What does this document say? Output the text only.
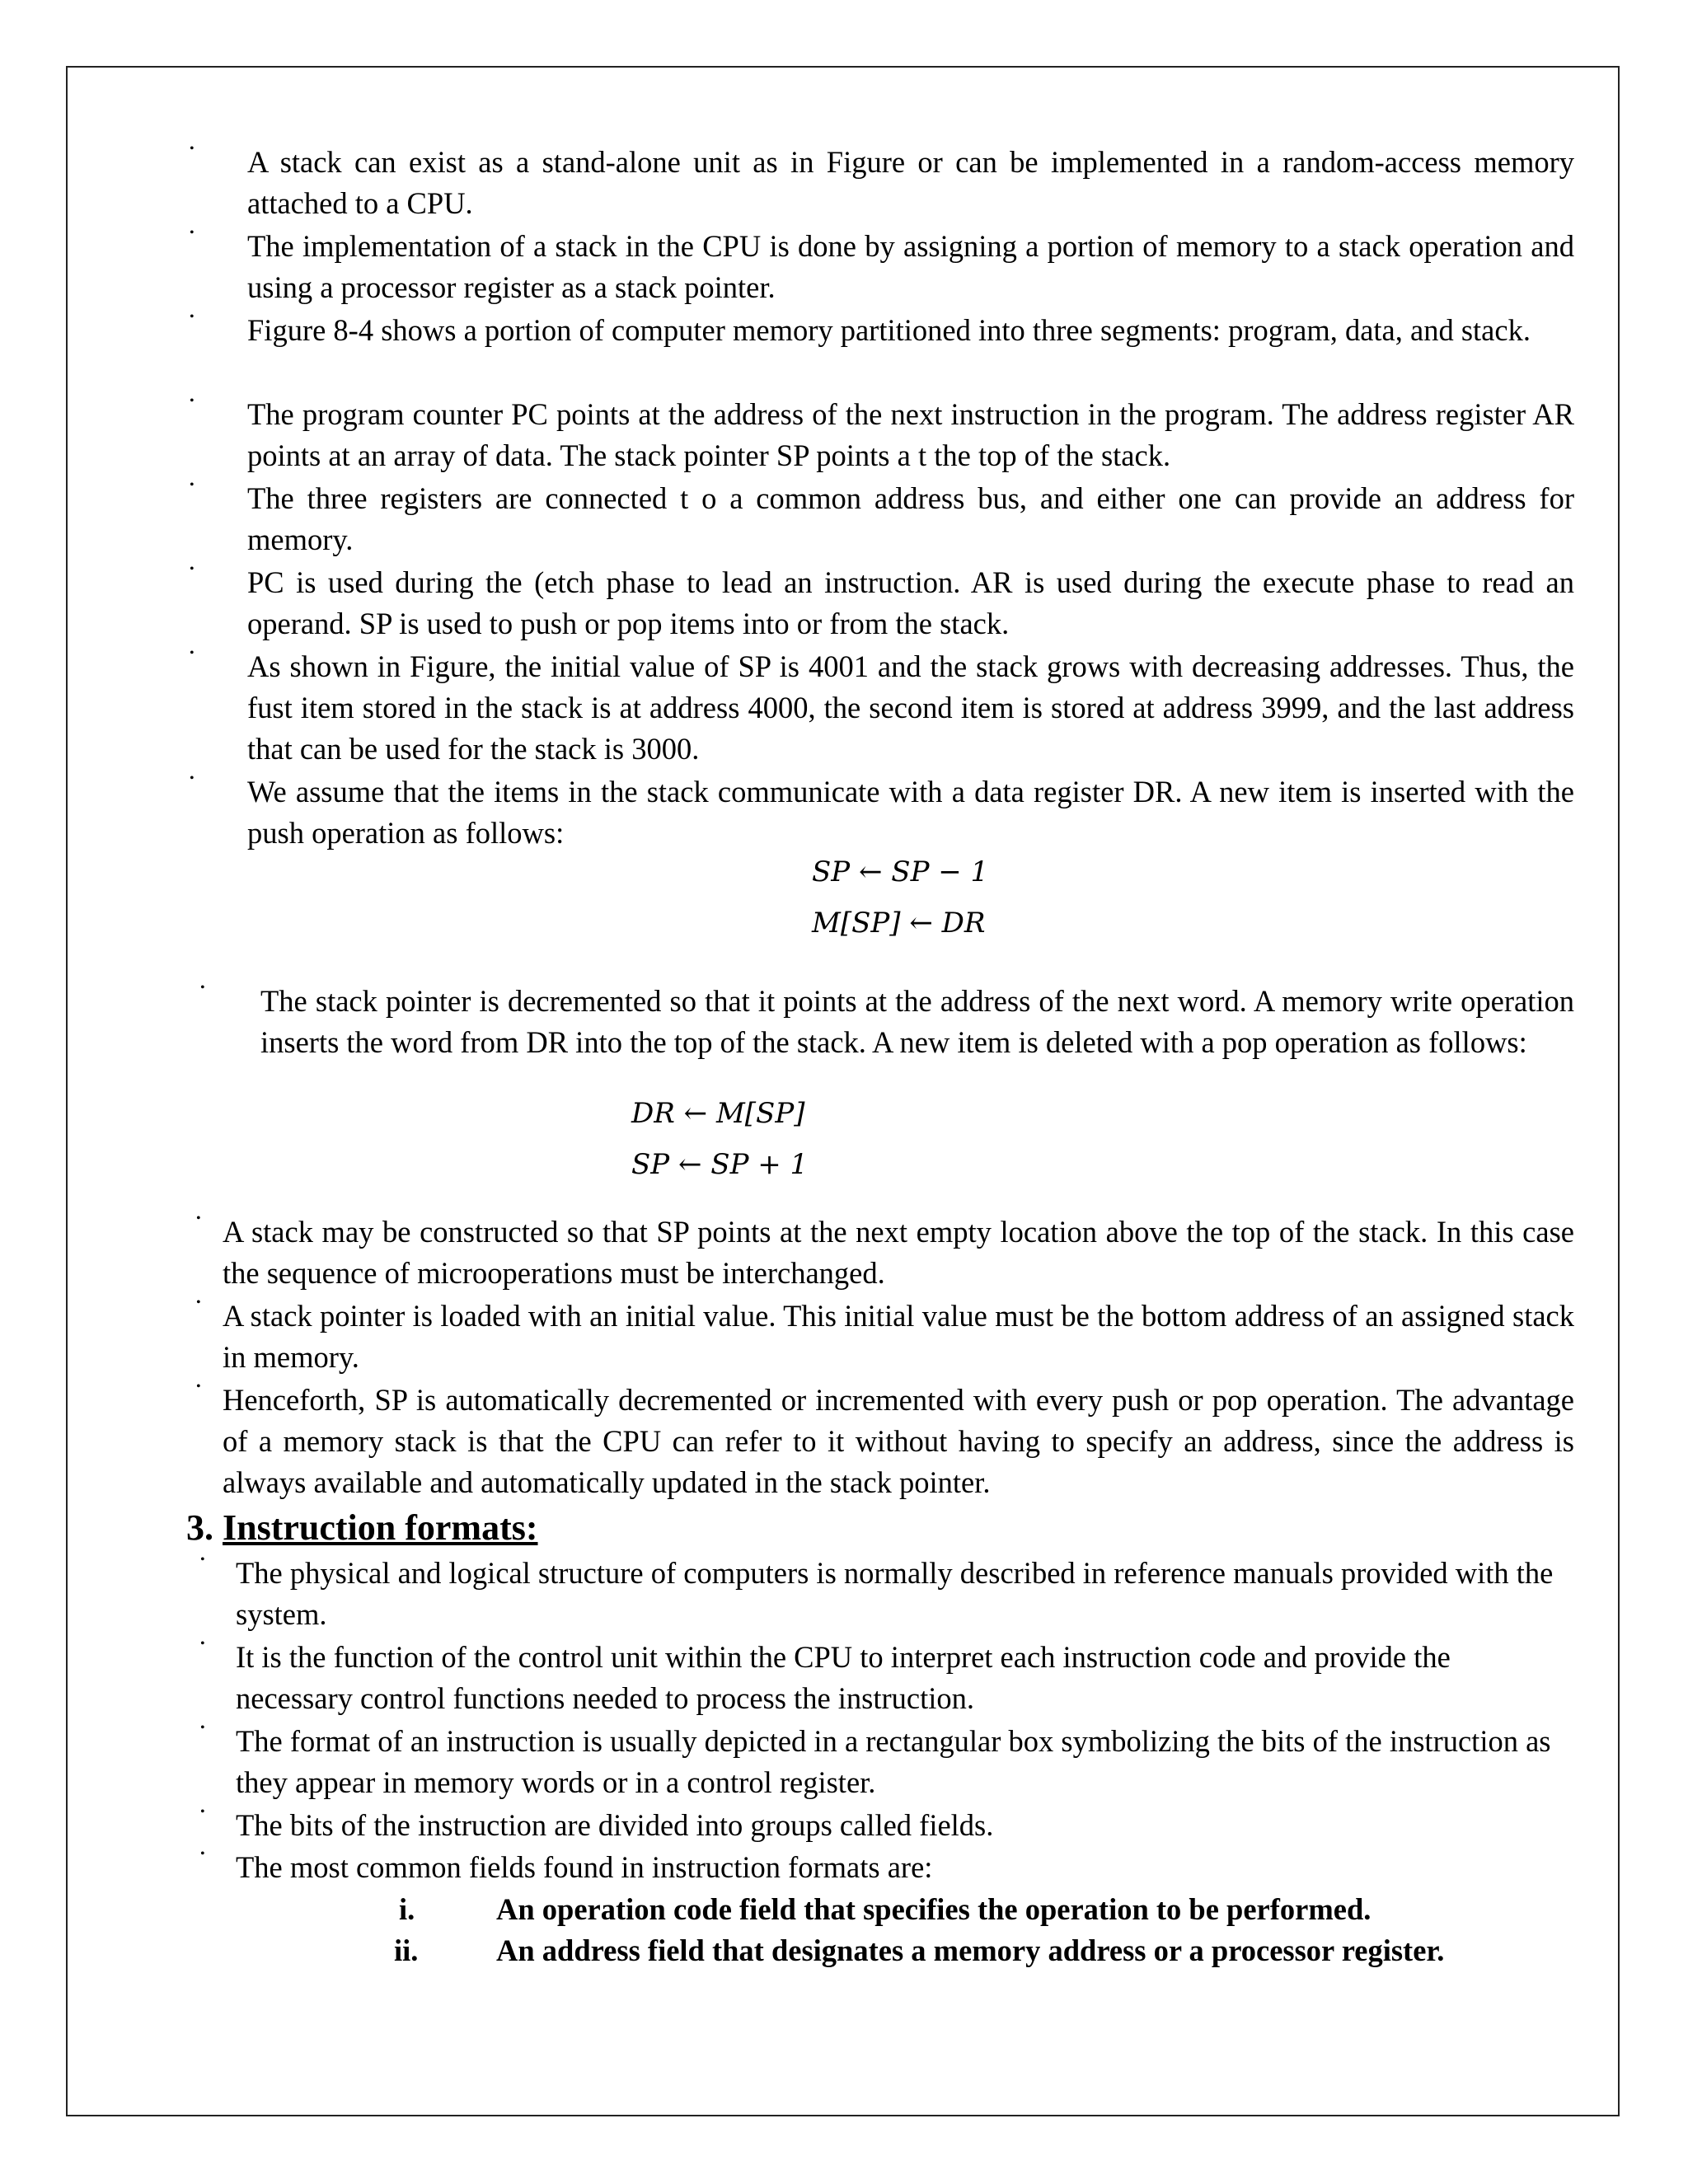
• A stack can exist as a stand-alone unit as in Figure or can be implemented in a random-access memory attached to a CPU.
• The implementation of a stack in the CPU is done by assigning a portion of memory to a stack operation and using a processor register as a stack pointer.
• Figure 8-4 shows a portion of computer memory partitioned into three segments: program, data, and stack.
• The program counter PC points at the address of the next instruction in the program. The address register AR points at an array of data. The stack pointer SP points a t the top of the stack.
• The three registers are connected t o a common address bus, and either one can provide an address for memory.
• PC is used during the (etch phase to lead an instruction. AR is used during the execute phase to read an operand. SP is used to push or pop items into or from the stack.
• As shown in Figure, the initial value of SP is 4001 and the stack grows with decreasing addresses. Thus, the fust item stored in the stack is at address 4000, the second item is stored at address 3999, and the last address that can be used for the stack is 3000.
• We assume that the items in the stack communicate with a data register DR. A new item is inserted with the push operation as follows:
SP ← SP − 1
M[SP] ← DR
• The stack pointer is decremented so that it points at the address of the next word. A memory write operation inserts the word from DR into the top of the stack. A new item is deleted with a pop operation as follows:
DR ← M[SP]
SP ← SP + 1
• A stack may be constructed so that SP points at the next empty location above the top of the stack. In this case the sequence of microoperations must be interchanged.
• A stack pointer is loaded with an initial value. This initial value must be the bottom address of an assigned stack in memory.
• Henceforth, SP is automatically decremented or incremented with every push or pop operation. The advantage of a memory stack is that the CPU can refer to it without having to specify an address, since the address is always available and automatically updated in the stack pointer.
3. Instruction formats:
• The physical and logical structure of computers is normally described in reference manuals provided with the system.
• It is the function of the control unit within the CPU to interpret each instruction code and provide the necessary control functions needed to process the instruction.
• The format of an instruction is usually depicted in a rectangular box symbolizing the bits of the instruction as they appear in memory words or in a control register.
• The bits of the instruction are divided into groups called fields.
• The most common fields found in instruction formats are:
i.	An operation code field that specifies the operation to be performed.
ii.	An address field that designates a memory address or a processor register.
